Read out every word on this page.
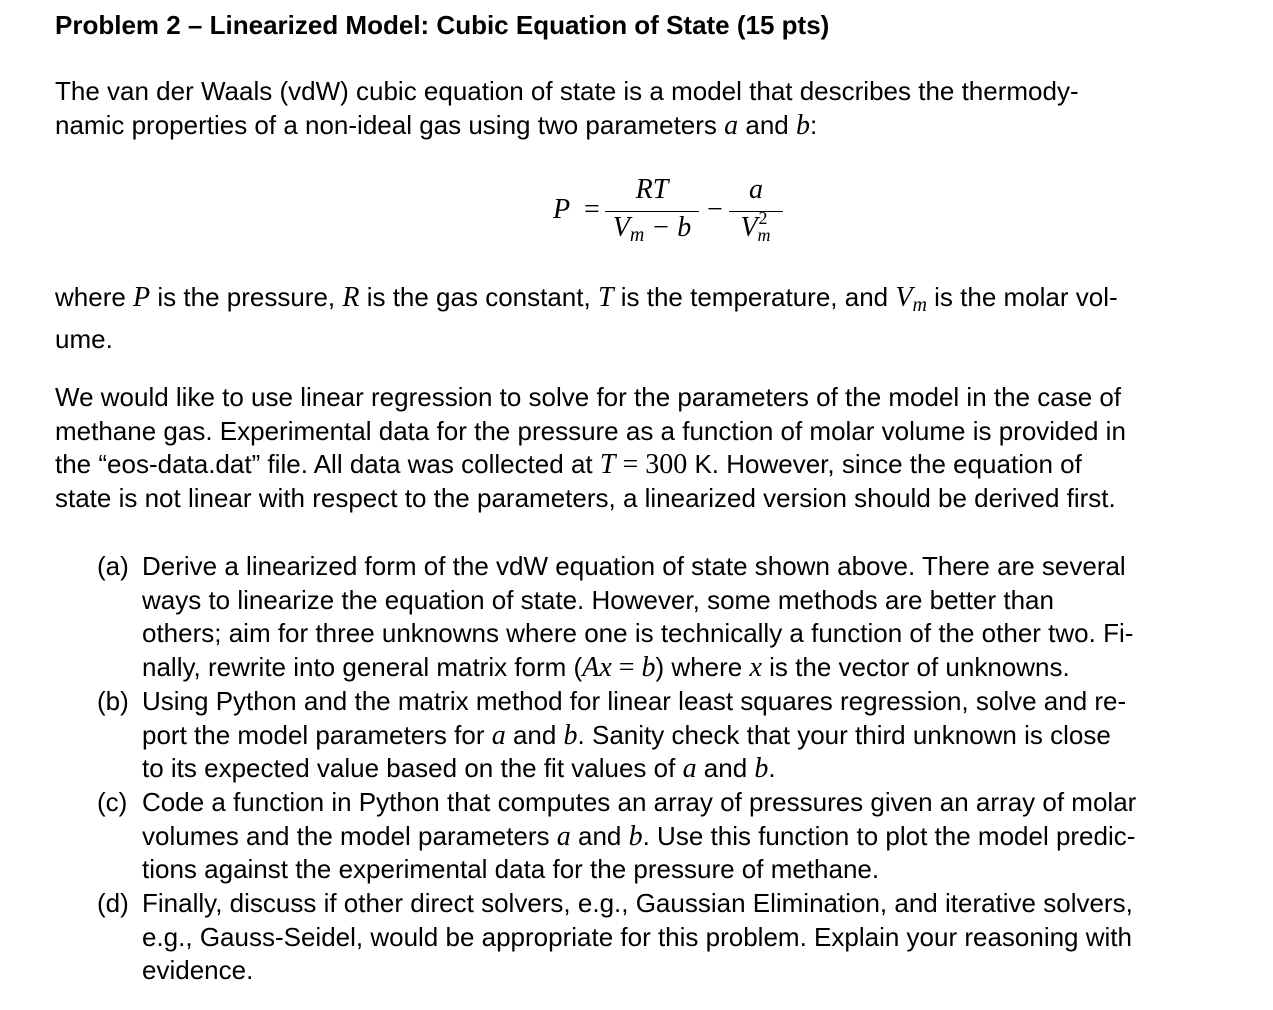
Problem 2 – Linearized Model: Cubic Equation of State (15 pts)

The van der Waals (vdW) cubic equation of state is a model that describes the thermody-
namic properties of a non-ideal gas using two parameters a and b:

P =
RT
$V_m - b$
−
a
V 2
m

where P is the pressure, R is the gas constant, T is the temperature, and $V_m$ is the molar vol-
ume.

We would like to use linear regression to solve for the parameters of the model in the case of
methane gas. Experimental data for the pressure as a function of molar volume is provided in
the “eos-data.dat” file. All data was collected at T = 300 K. However, since the equation of
state is not linear with respect to the parameters, a linearized version should be derived first.

(a) Derive a linearized form of the vdW equation of state shown above. There are several
ways to linearize the equation of state. However, some methods are better than
others; aim for three unknowns where one is technically a function of the other two. Fi-
nally, rewrite into general matrix form (Ax = b) where x is the vector of unknowns.
(b) Using Python and the matrix method for linear least squares regression, solve and re-
port the model parameters for a and b. Sanity check that your third unknown is close
to its expected value based on the fit values of a and b.
(c) Code a function in Python that computes an array of pressures given an array of molar
volumes and the model parameters a and b. Use this function to plot the model predic-
tions against the experimental data for the pressure of methane.
(d) Finally, discuss if other direct solvers, e.g., Gaussian Elimination, and iterative solvers,
e.g., Gauss-Seidel, would be appropriate for this problem. Explain your reasoning with
evidence.
